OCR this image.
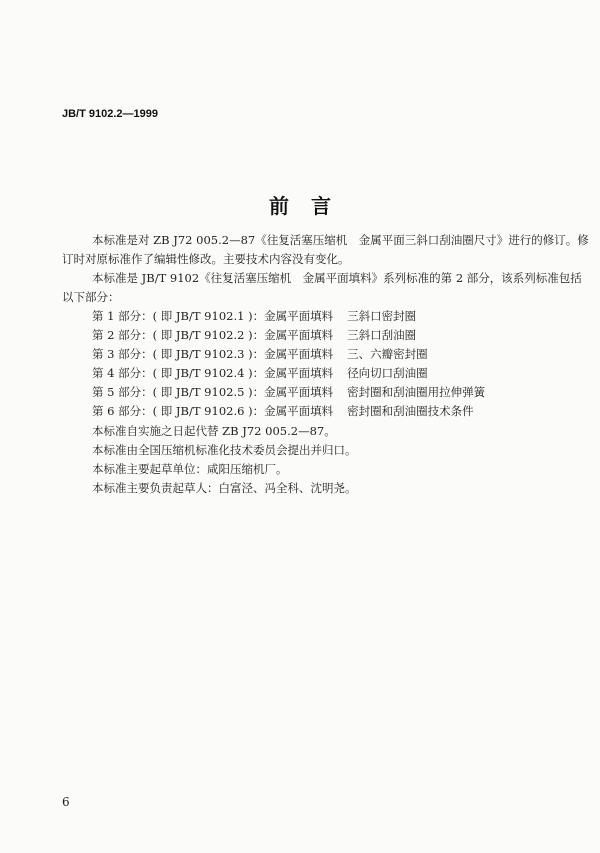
JB/T 9102.2—1999
前言
本标准是对 ZB J72 005.2—87《往复活塞压缩机　金属平面三斜口刮油圈尺寸》进行的修订。修
订时对原标准作了编辑性修改。主要技术内容没有变化。
本标准是 JB/T 9102《往复活塞压缩机　金属平面填料》系列标准的第 2 部分，该系列标准包括
以下部分：
第 1 部分：( 即 JB/T 9102.1 )：金属平面填料 三斜口密封圈
第 2 部分：( 即 JB/T 9102.2 )：金属平面填料 三斜口刮油圈
第 3 部分：( 即 JB/T 9102.3 )：金属平面填料 三、六瓣密封圈
第 4 部分：( 即 JB/T 9102.4 )：金属平面填料 径向切口刮油圈
第 5 部分：( 即 JB/T 9102.5 )：金属平面填料 密封圈和刮油圈用拉伸弹簧
第 6 部分：( 即 JB/T 9102.6 )：金属平面填料 密封圈和刮油圈技术条件
本标准自实施之日起代替 ZB J72 005.2—87。
本标准由全国压缩机标准化技术委员会提出并归口。
本标准主要起草单位：咸阳压缩机厂。
本标准主要负责起草人：白富泾、冯全科、沈明尧。
6
